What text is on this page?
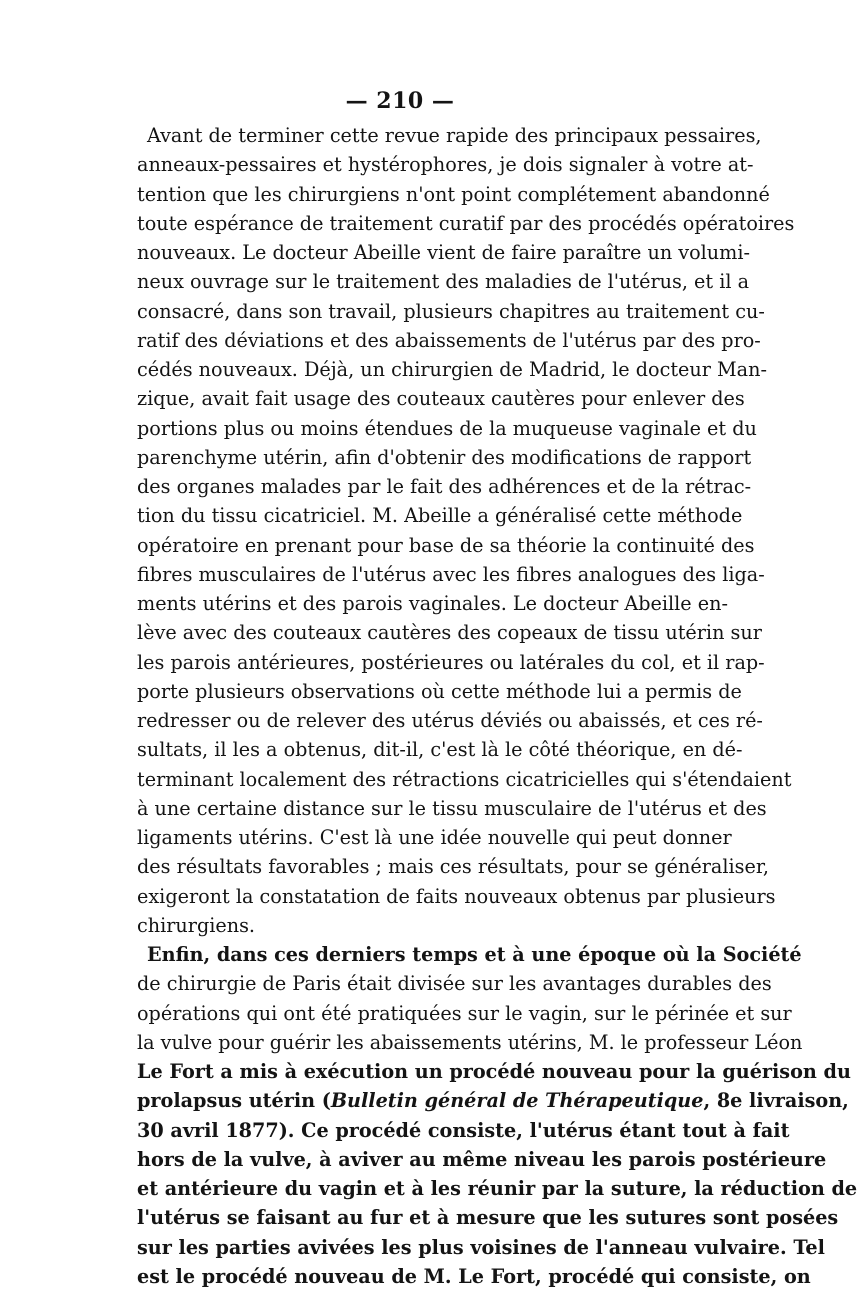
— 210 —
Avant de terminer cette revue rapide des principaux pessaires,
anneaux-pessaires et hystérophores, je dois signaler à votre at-
tention que les chirurgiens n'ont point complétement abandonné
toute espérance de traitement curatif par des procédés opératoires
nouveaux. Le docteur Abeille vient de faire paraître un volumi-
neux ouvrage sur le traitement des maladies de l'utérus, et il a
consacré, dans son travail, plusieurs chapitres au traitement cu-
ratif des déviations et des abaissements de l'utérus par des pro-
cédés nouveaux. Déjà, un chirurgien de Madrid, le docteur Man-
zique, avait fait usage des couteaux cautères pour enlever des
portions plus ou moins étendues de la muqueuse vaginale et du
parenchyme utérin, afin d'obtenir des modifications de rapport
des organes malades par le fait des adhérences et de la rétrac-
tion du tissu cicatriciel. M. Abeille a généralisé cette méthode
opératoire en prenant pour base de sa théorie la continuité des
fibres musculaires de l'utérus avec les fibres analogues des liga-
ments utérins et des parois vaginales. Le docteur Abeille en-
lève avec des couteaux cautères des copeaux de tissu utérin sur
les parois antérieures, postérieures ou latérales du col, et il rap-
porte plusieurs observations où cette méthode lui a permis de
redresser ou de relever des utérus déviés ou abaissés, et ces ré-
sultats, il les a obtenus, dit-il, c'est là le côté théorique, en dé-
terminant localement des rétractions cicatricielles qui s'étendaient
à une certaine distance sur le tissu musculaire de l'utérus et des
ligaments utérins. C'est là une idée nouvelle qui peut donner
des résultats favorables ; mais ces résultats, pour se généraliser,
exigeront la constatation de faits nouveaux obtenus par plusieurs
chirurgiens.
Enfin, dans ces derniers temps et à une époque où la Société
de chirurgie de Paris était divisée sur les avantages durables des
opérations qui ont été pratiquées sur le vagin, sur le périnée et sur
la vulve pour guérir les abaissements utérins, M. le professeur Léon
Le Fort a mis à exécution un procédé nouveau pour la guérison du
prolapsus utérin (Bulletin général de Thérapeutique, 8e livraison,
30 avril 1877). Ce procédé consiste, l'utérus étant tout à fait
hors de la vulve, à aviver au même niveau les parois postérieure
et antérieure du vagin et à les réunir par la suture, la réduction de
l'utérus se faisant au fur et à mesure que les sutures sont posées
sur les parties avivées les plus voisines de l'anneau vulvaire. Tel
est le procédé nouveau de M. Le Fort, procédé qui consiste, on
